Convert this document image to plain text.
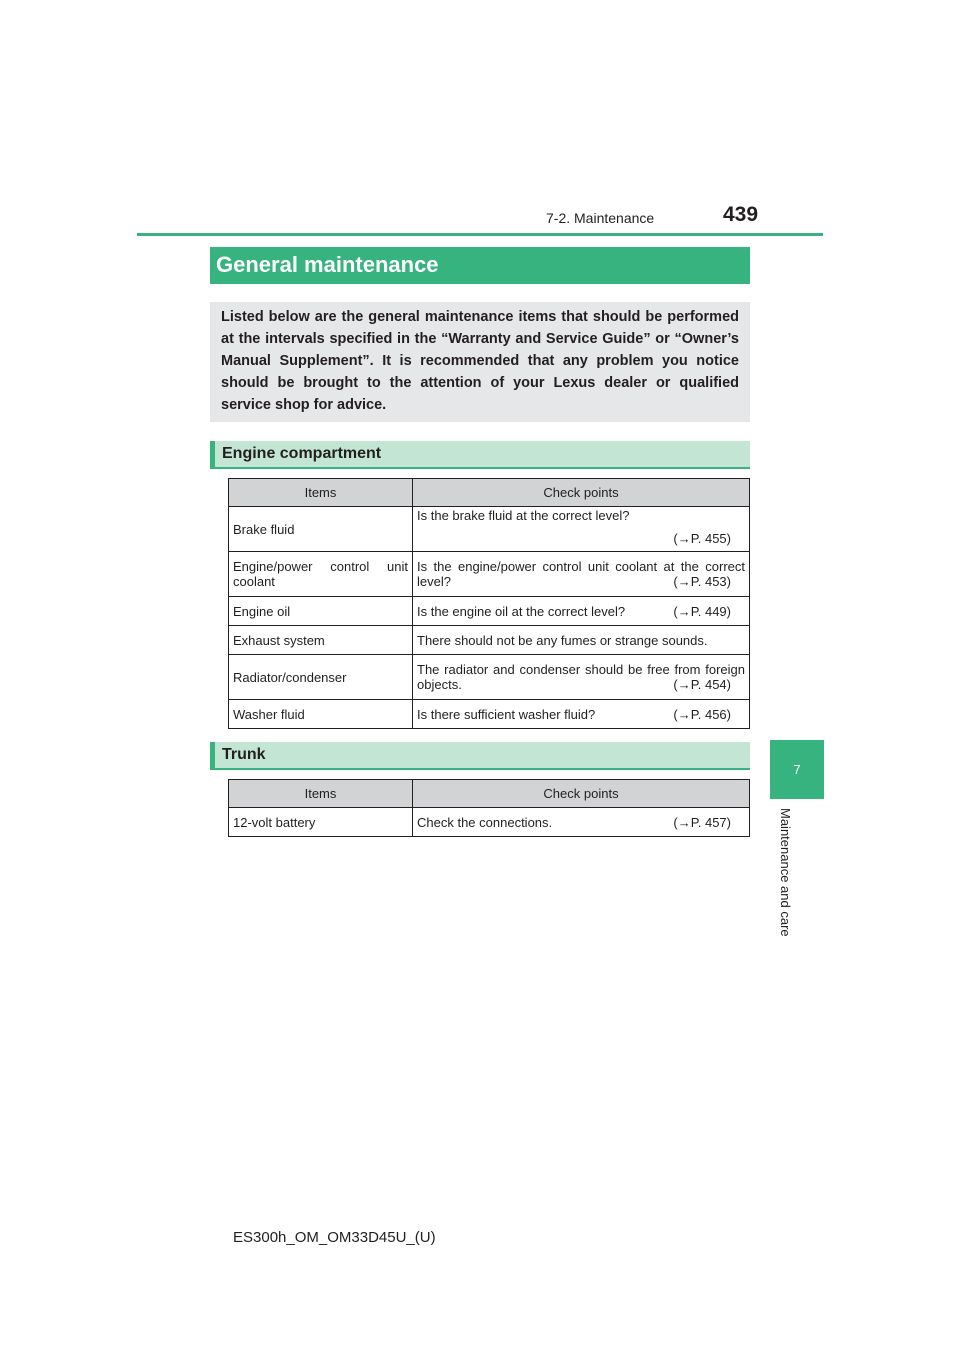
7-2. Maintenance	439
7
Maintenance and care
General maintenance
Listed below are the general maintenance items that should be performed at the intervals specified in the “Warranty and Service Guide” or “Owner’s Manual Supplement”. It is recommended that any problem you notice should be brought to the attention of your Lexus dealer or qualified service shop for advice.
Engine compartment
Items	Check points
Brake fluid	Is the brake fluid at the correct level?
(→P. 455)

Engine/power control unit coolant	Is the engine/power control unit coolant at the correct level? (→P. 453)

Engine oil	Is the engine oil at the correct level? (→P. 449)

Exhaust system	There should not be any fumes or strange sounds.

Radiator/condenser	The radiator and condenser should be free from foreign objects. (→P. 454)

Washer fluid	Is there sufficient washer fluid? (→P. 456)
Trunk
Items	Check points
12-volt battery	Check the connections. (→P. 457)
ES300h_OM_OM33D45U_(U)
